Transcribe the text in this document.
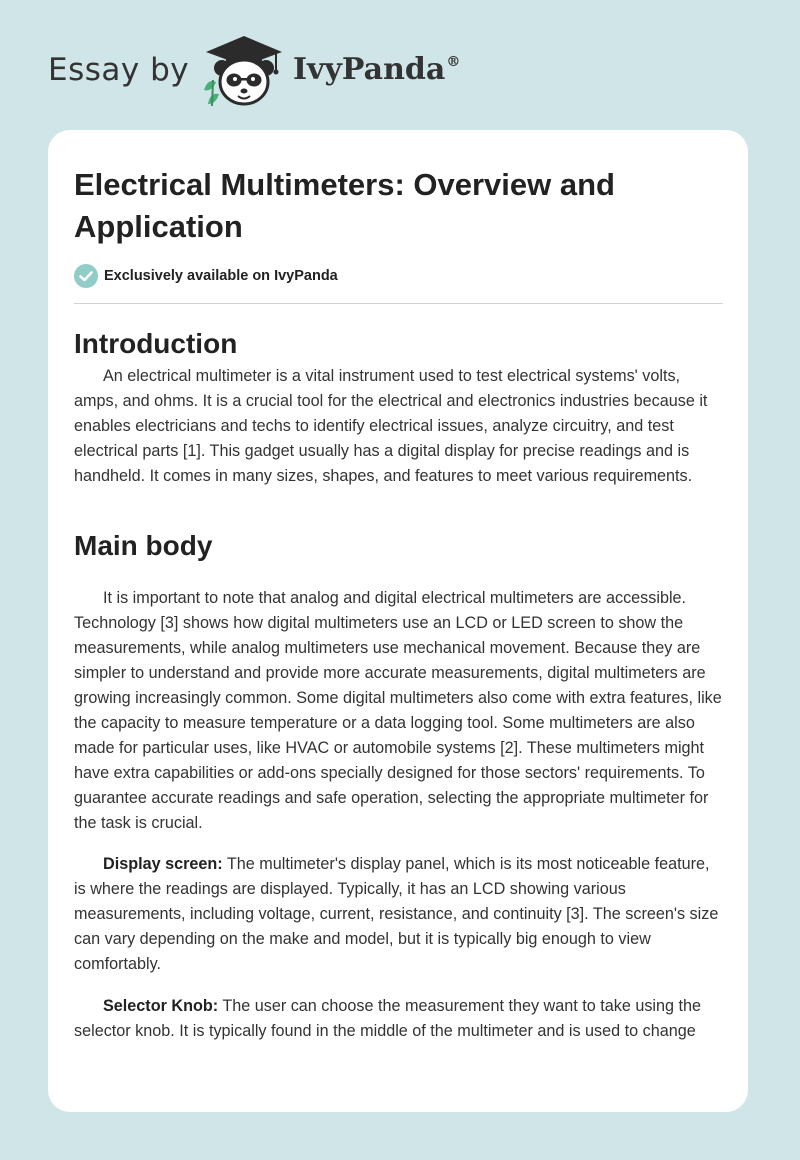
Essay by	IvyPanda®
Electrical Multimeters: Overview and Application
Exclusively available on IvyPanda
Introduction

An electrical multimeter is a vital instrument used to test electrical systems' volts, amps, and ohms. It is a crucial tool for the electrical and electronics industries because it enables electricians and techs to identify electrical issues, analyze circuitry, and test electrical parts [1]. This gadget usually has a digital display for precise readings and is handheld. It comes in many sizes, shapes, and features to meet various requirements.

Main body

It is important to note that analog and digital electrical multimeters are accessible. Technology [3] shows how digital multimeters use an LCD or LED screen to show the measurements, while analog multimeters use mechanical movement. Because they are simpler to understand and provide more accurate measurements, digital multimeters are growing increasingly common. Some digital multimeters also come with extra features, like the capacity to measure temperature or a data logging tool. Some multimeters are also made for particular uses, like HVAC or automobile systems [2]. These multimeters might have extra capabilities or add-ons specially designed for those sectors' requirements. To guarantee accurate readings and safe operation, selecting the appropriate multimeter for the task is crucial.

Display screen: The multimeter's display panel, which is its most noticeable feature, is where the readings are displayed. Typically, it has an LCD showing various measurements, including voltage, current, resistance, and continuity [3]. The screen's size can vary depending on the make and model, but it is typically big enough to view comfortably.

Selector Knob: The user can choose the measurement they want to take using the selector knob. It is typically found in the middle of the multimeter and is used to change
